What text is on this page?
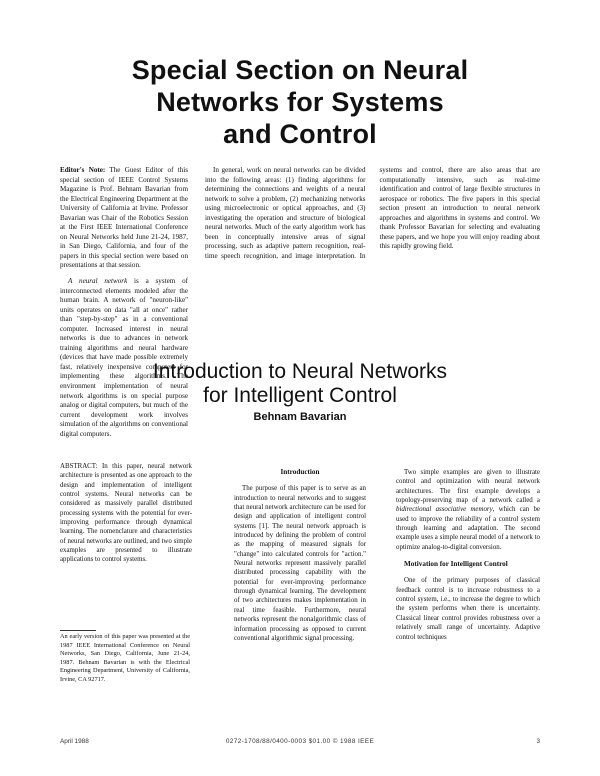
Special Section on Neural
Networks for Systems
and Control

Editor's Note: The Guest Editor of this special section of IEEE Control Systems Magazine is Prof. Behnam Bavarian from the Electrical Engineering Department at the University of California at Irvine. Professor Bavarian was Chair of the Robotics Session at the First IEEE International Conference on Neural Networks held June 21-24, 1987, in San Diego, California, and four of the papers in this special section were based on presentations at that session.

A neural network is a system of interconnected elements modeled after the human brain. A network of "neuron-like" units operates on data "all at once" rather than "step-by-step" as in a conventional computer. Increased interest in neural networks is due to advances in network training algorithms and neural hardware (devices that have made possible extremely fast, relatively inexpensive computers for implementing these algorithms. The environment implementation of neural network algorithms is on special purpose analog or digital computers, but much of the current development work involves simulation of the algorithms on conventional digital computers.

In general, work on neural networks can be divided into the following areas: (1) finding algorithms for determining the connections and weights of a neural network to solve a problem, (2) mechanizing networks using microelectronic or optical approaches, and (3) investigating the operation and structure of biological neural networks. Much of the early algorithm work has been in conceptually intensive areas of signal processing, such as adaptive pattern recognition, real-time speech recognition, and image interpretation. In systems and control, there are also areas that are computationally intensive, such as real-time identification and control of large flexible structures in aerospace or robotics. The five papers in this special section present an introduction to neural network approaches and algorithms in systems and control. We thank Professor Bavarian for selecting and evaluating these papers, and we hope you will enjoy reading about this rapidly growing field.

Introduction to Neural Networks
for Intelligent Control
Behnam Bavarian

ABSTRACT: In this paper, neural network architecture is presented as one approach to the design and implementation of intelligent control systems. Neural networks can be considered as massively parallel distributed processing systems with the potential for ever-improving performance through dynamical learning. The nomenclature and characteristics of neural networks are outlined, and two simple examples are presented to illustrate applications to control systems.

An early version of this paper was presented at the 1987 IEEE International Conference on Neural Networks, San Diego, California, June 21-24, 1987. Behnam Bavarian is with the Electrical Engineering Department, University of California, Irvine, CA 92717.
Introduction

The purpose of this paper is to serve as an introduction to neural networks and to suggest that neural network architecture can be used for design and application of intelligent control systems [1]. The neural network approach is introduced by defining the problem of control as the mapping of measured signals for "change" into calculated controls for "action." Neural networks represent massively parallel distributed processing capability with the potential for ever-improving performance through dynamical learning. The development of two architectures makes implementation in real time feasible. Furthermore, neural networks represent the nonalgorithmic class of information processing as opposed to current conventional algorithmic signal processing.

Two simple examples are given to illustrate control and optimization with neural network architectures. The first example develops a topology-preserving map of a network called a bidirectional associative memory, which can be used to improve the reliability of a control system through learning and adaptation. The second example uses a simple neural model of a network to optimize analog-to-digital conversion.

Motivation for Intelligent Control

One of the primary purposes of classical feedback control is to increase robustness to a control system, i.e., to increase the degree to which the system performs when there is uncertainty. Classical linear control provides robustness over a relatively small range of uncertainty. Adaptive control techniques

April 1988	0272-1708/88/0400-0003 $01.00 © 1988 IEEE	3
